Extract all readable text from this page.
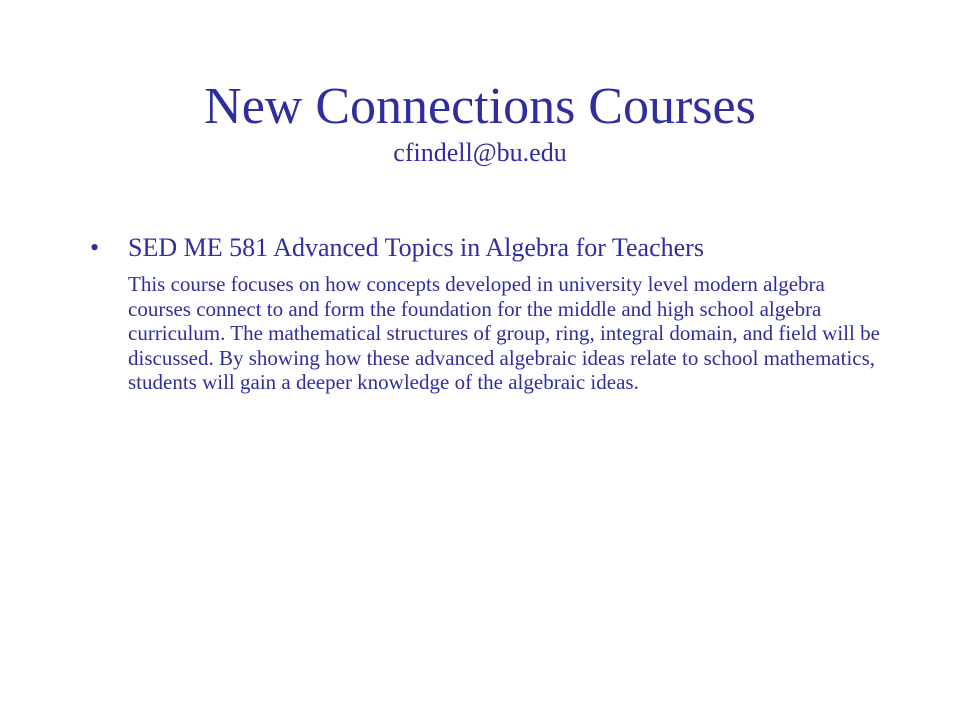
New Connections Courses
cfindell@bu.edu
•	SED ME 581 Advanced Topics in Algebra for Teachers
This course focuses on how concepts developed in university level modern algebra courses connect to and form the foundation for the middle and high school algebra curriculum. The mathematical structures of group, ring, integral domain, and field will be discussed. By showing how these advanced algebraic ideas relate to school mathematics, students will gain a deeper knowledge of the algebraic ideas.
